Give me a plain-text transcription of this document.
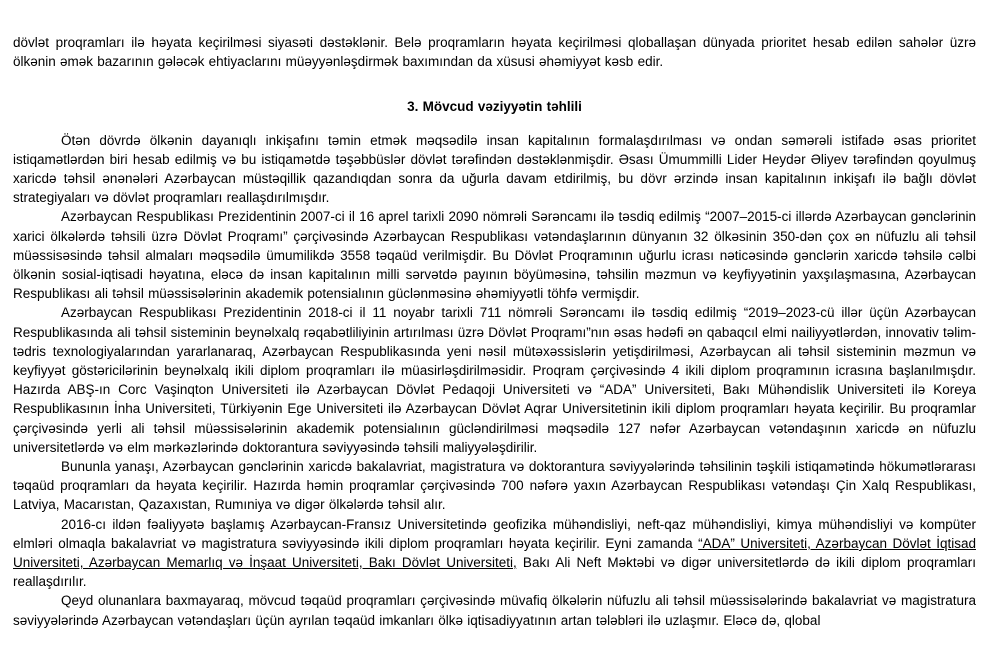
dövlət proqramları ilə həyata keçirilməsi siyasəti dəstəklənir. Belə proqramların həyata keçirilməsi qloballaşan dünyada prioritet hesab edilən sahələr üzrə ölkənin əmək bazarının gələcək ehtiyaclarını müəyyənləşdirmək baxımından da xüsusi əhəmiyyət kəsb edir.

3. Mövcud vəziyyətin təhlili

Ötən dövrdə ölkənin dayanıqlı inkişafını təmin etmək məqsədilə insan kapitalının formalaşdırılması və ondan səmərəli istifadə əsas prioritet istiqamətlərdən biri hesab edilmiş və bu istiqamətdə təşəbbüslər dövlət tərəfindən dəstəklənmişdir. Əsası Ümummilli Lider Heydər Əliyev tərəfindən qoyulmuş xaricdə təhsil ənənələri Azərbaycan müstəqillik qazandıqdan sonra da uğurla davam etdirilmiş, bu dövr ərzində insan kapitalının inkişafı ilə bağlı dövlət strategiyaları və dövlət proqramları reallaşdırılmışdır.

Azərbaycan Respublikası Prezidentinin 2007-ci il 16 aprel tarixli 2090 nömrəli Sərəncamı ilə təsdiq edilmiş “2007–2015-ci illərdə Azərbaycan gənclərinin xarici ölkələrdə təhsili üzrə Dövlət Proqramı” çərçivəsində Azərbaycan Respublikası vətəndaşlarının dünyanın 32 ölkəsinin 350-dən çox ən nüfuzlu ali təhsil müəssisəsində təhsil almaları məqsədilə ümumilikdə 3558 təqaüd verilmişdir. Bu Dövlət Proqramının uğurlu icrası nəticəsində gənclərin xaricdə təhsilə cəlbi ölkənin sosial-iqtisadi həyatına, eləcə də insan kapitalının milli sərvətdə payının böyüməsinə, təhsilin məzmun və keyfiyyətinin yaxşılaşmasına, Azərbaycan Respublikası ali təhsil müəssisələrinin akademik potensialının güclənməsinə əhəmiyyətli töhfə vermişdir.

Azərbaycan Respublikası Prezidentinin 2018-ci il 11 noyabr tarixli 711 nömrəli Sərəncamı ilə təsdiq edilmiş “2019–2023-cü illər üçün Azərbaycan Respublikasında ali təhsil sisteminin beynəlxalq rəqabətliliyinin artırılması üzrə Dövlət Proqramı”nın əsas hədəfi ən qabaqcıl elmi nailiyyətlərdən, innovativ təlim-tədris texnologiyalarından yararlanaraq, Azərbaycan Respublikasında yeni nəsil mütəxəssislərin yetişdirilməsi, Azərbaycan ali təhsil sisteminin məzmun və keyfiyyət göstəricilərinin beynəlxalq ikili diplom proqramları ilə müasirləşdirilməsidir. Proqram çərçivəsində 4 ikili diplom proqramının icrasına başlanılmışdır. Hazırda ABŞ-ın Corc Vaşinqton Universiteti ilə Azərbaycan Dövlət Pedaqoji Universiteti və “ADA” Universiteti, Bakı Mühəndislik Universiteti ilə Koreya Respublikasının İnha Universiteti, Türkiyənin Ege Universiteti ilə Azərbaycan Dövlət Aqrar Universitetinin ikili diplom proqramları həyata keçirilir. Bu proqramlar çərçivəsində yerli ali təhsil müəssisələrinin akademik potensialının gücləndirilməsi məqsədilə 127 nəfər Azərbaycan vətəndaşının xaricdə ən nüfuzlu universitetlərdə və elm mərkəzlərində doktorantura səviyyəsində təhsili maliyyələşdirilir.

Bununla yanaşı, Azərbaycan gənclərinin xaricdə bakalavriat, magistratura və doktorantura səviyyələrində təhsilinin təşkili istiqamətində hökumətlərarası təqaüd proqramları da həyata keçirilir. Hazırda həmin proqramlar çərçivəsində 700 nəfərə yaxın Azərbaycan Respublikası vətəndaşı Çin Xalq Respublikası, Latviya, Macarıstan, Qazaxıstan, Rumıniya və digər ölkələrdə təhsil alır.

2016-cı ildən fəaliyyətə başlamış Azərbaycan-Fransız Universitetində geofizika mühəndisliyi, neft-qaz mühəndisliyi, kimya mühəndisliyi və kompüter elmləri olmaqla bakalavriat və magistratura səviyyəsində ikili diplom proqramları həyata keçirilir. Eyni zamanda “ADA” Universiteti, Azərbaycan Dövlət İqtisad Universiteti, Azərbaycan Memarlıq və İnşaat Universiteti, Bakı Dövlət Universiteti, Bakı Ali Neft Məktəbi və digər universitetlərdə də ikili diplom proqramları reallaşdırılır.

Qeyd olunanlara baxmayaraq, mövcud təqaüd proqramları çərçivəsində müvafiq ölkələrin nüfuzlu ali təhsil müəssisələrində bakalavriat və magistratura səviyyələrində Azərbaycan vətəndaşları üçün ayrılan təqaüd imkanları ölkə iqtisadiyyatının artan tələbləri ilə uzlaşmır. Eləcə də, qlobal
